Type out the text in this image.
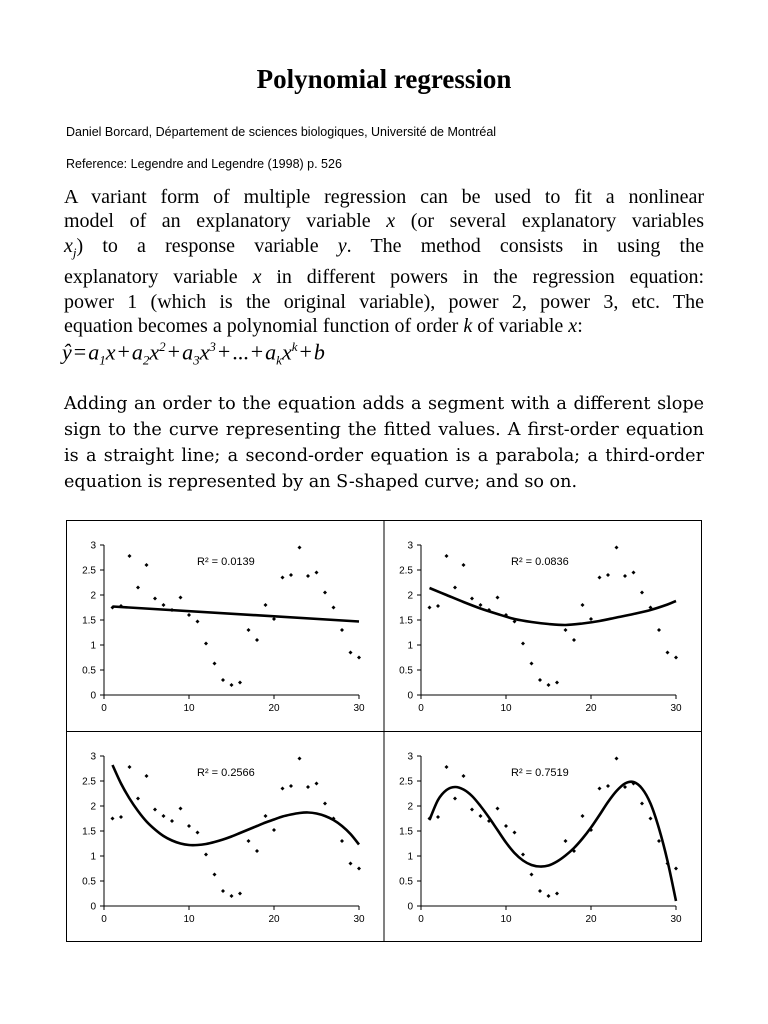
Polynomial regression
Daniel Borcard, Département de sciences biologiques, Université de Montréal
Reference: Legendre and Legendre (1998) p. 526
A variant form of multiple regression can be used to fit a nonlinear
model of an explanatory variable x (or several explanatory variables
$x_j$) to a response variable y. The method consists in using the
explanatory variable x in different powers in the regression equation:
power 1 (which is the original variable), power 2, power 3, etc. The
equation becomes a polynomial function of order k of variable x:
$ŷ=a_1x+a_2x^2+a_3x^3+...+a_kx^k+b$
Adding an order to the equation adds a segment with a different slope
sign to the curve representing the fitted values. A first-order equation
is a straight line; a second-order equation is a parabola; a third-order
equation is represented by an S-shaped curve; and so on.
0
0.5
1
1.5
2
2.5
3
0	10	20	30
R² = 0.0139
0
0.5
1
1.5
2
2.5
3
0	10	20	30
R² = 0.0836
0
0.5
1
1.5
2
2.5
3
0	10	20	30
R² = 0.2566
0
0.5
1
1.5
2
2.5
3
0	10	20	30
R² = 0.7519
